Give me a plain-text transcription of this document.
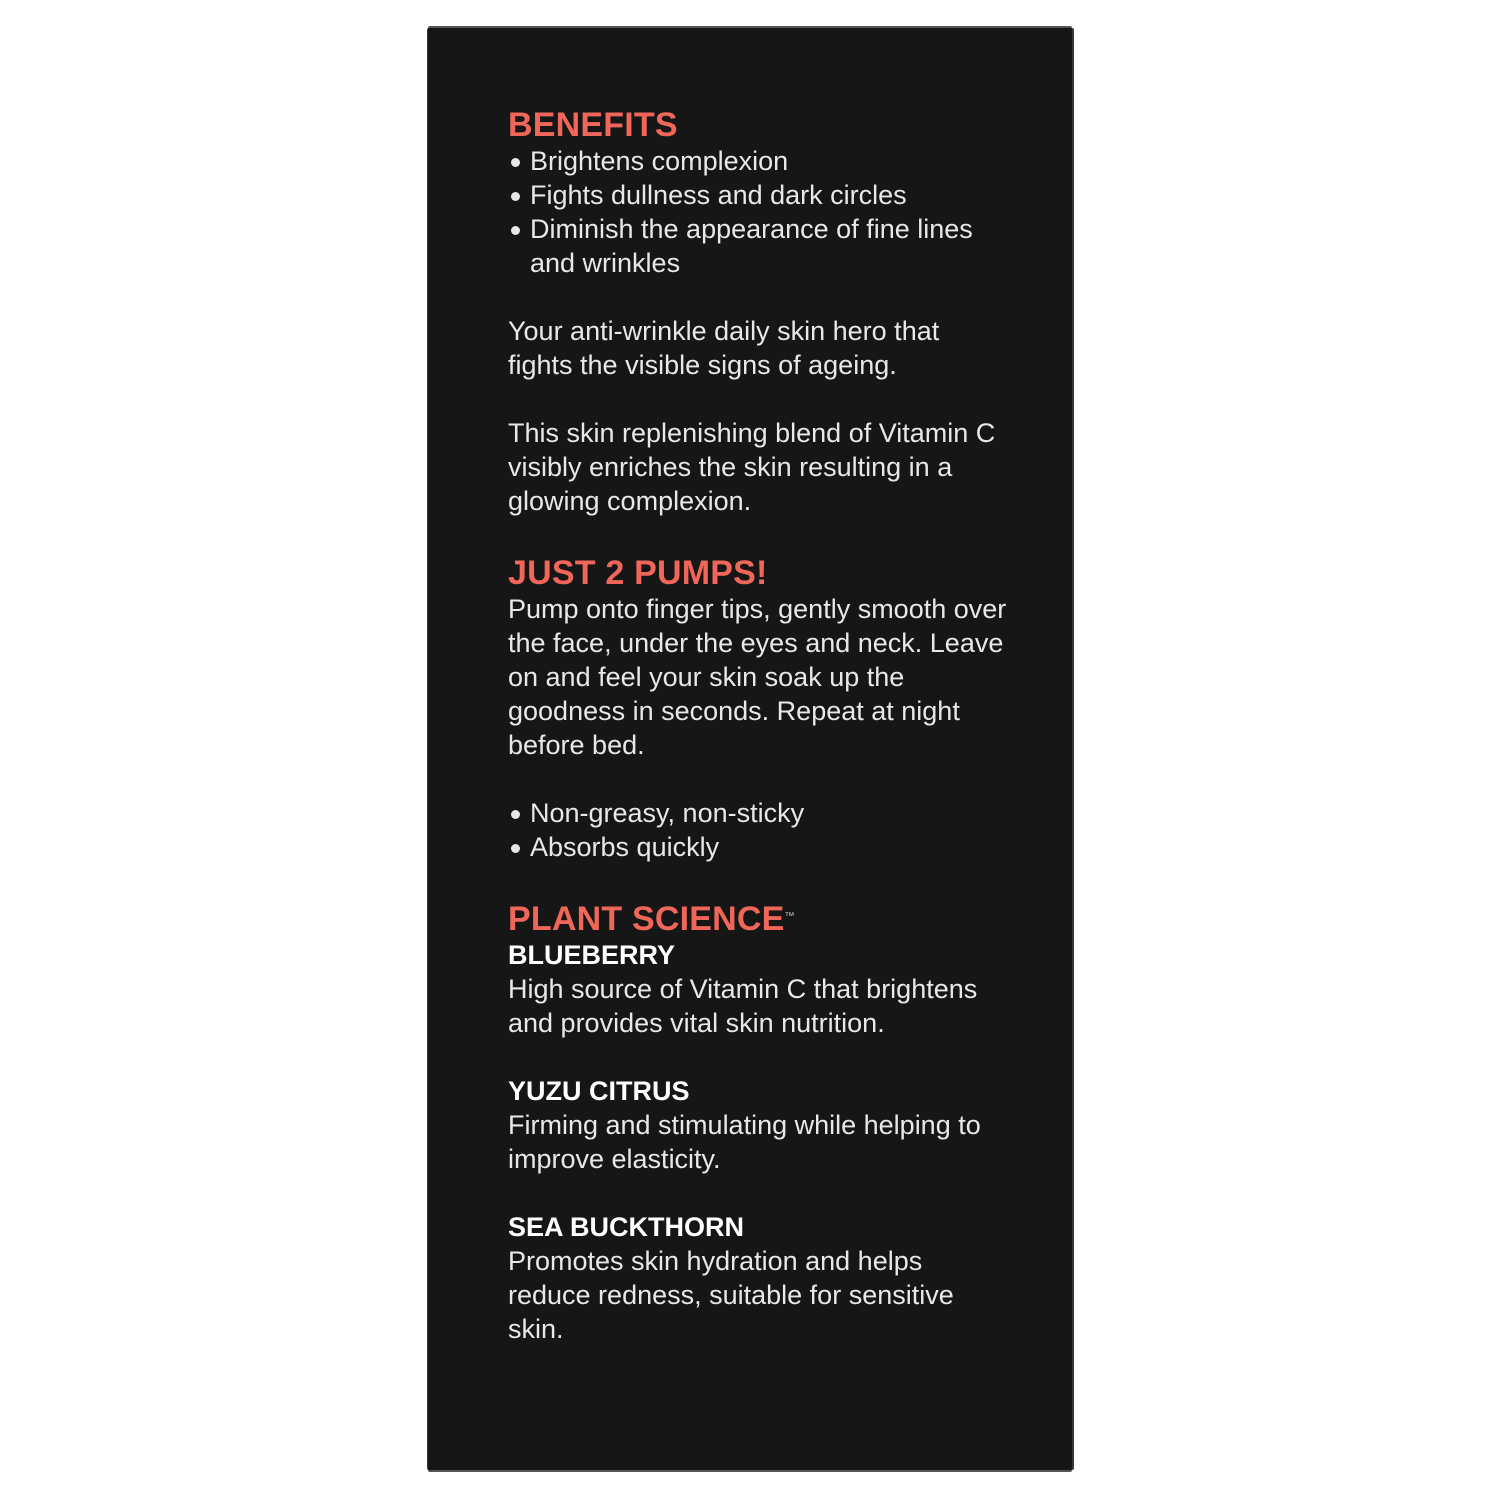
BENEFITS
Brightens complexion
Fights dullness and dark circles
Diminish the appearance of fine lines and wrinkles

Your anti-wrinkle daily skin hero that fights the visible signs of ageing.

This skin replenishing blend of Vitamin C visibly enriches the skin resulting in a glowing complexion.

JUST 2 PUMPS!

Pump onto finger tips, gently smooth over the face, under the eyes and neck. Leave on and feel your skin soak up the goodness in seconds. Repeat at night before bed.

Non-greasy, non-sticky
Absorbs quickly
PLANT SCIENCE™
BLUEBERRY

High source of Vitamin C that brightens and provides vital skin nutrition.

YUZU CITRUS

Firming and stimulating while helping to improve elasticity.

SEA BUCKTHORN

Promotes skin hydration and helps reduce redness, suitable for sensitive skin.
